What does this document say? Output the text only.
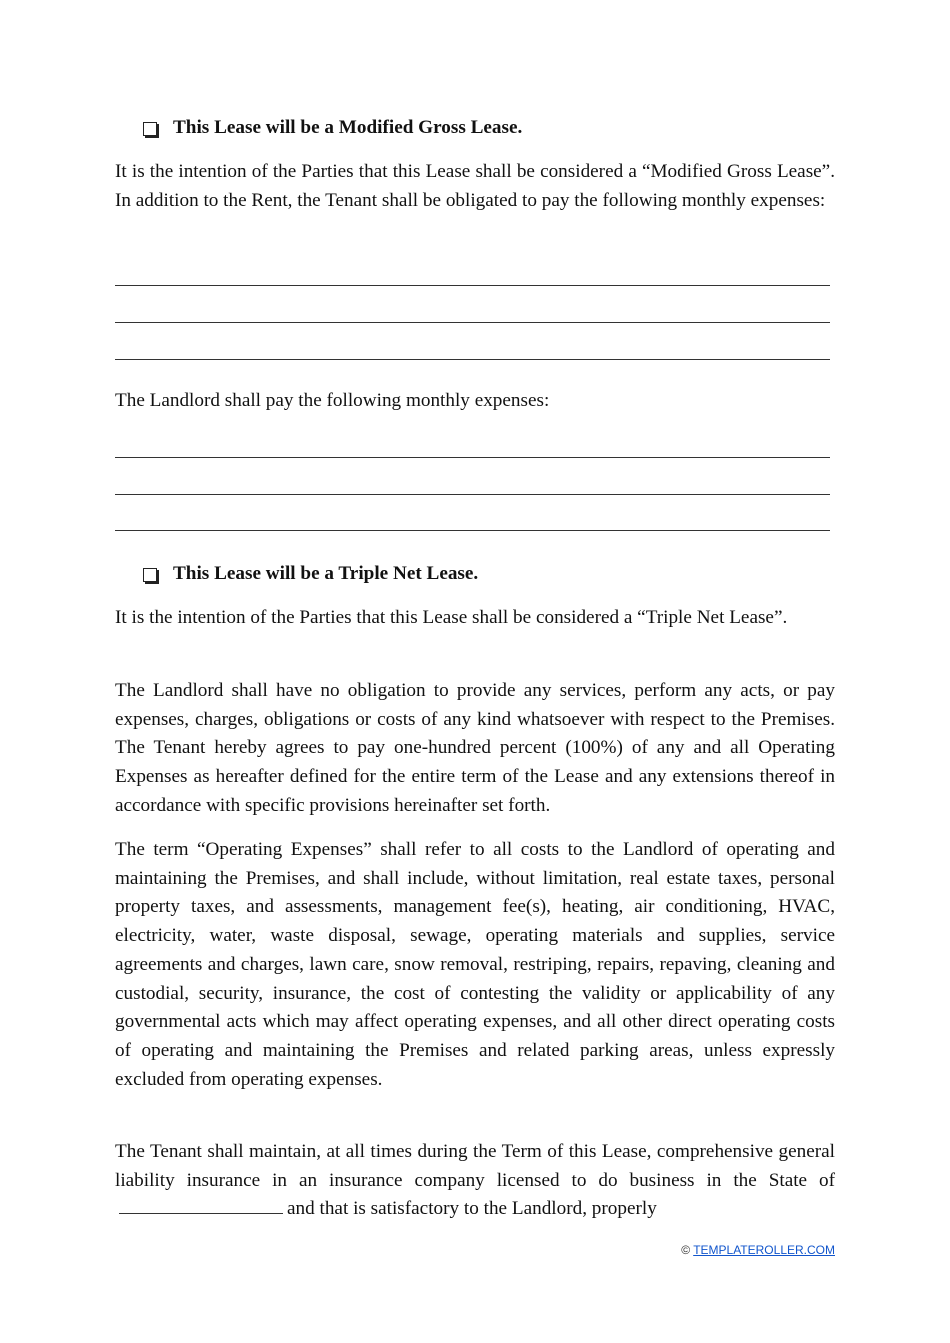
This Lease will be a Modified Gross Lease.

It is the intention of the Parties that this Lease shall be considered a “Modified Gross Lease”. In addition to the Rent, the Tenant shall be obligated to pay the following monthly expenses:

The Landlord shall pay the following monthly expenses:

This Lease will be a Triple Net Lease.

It is the intention of the Parties that this Lease shall be considered a “Triple Net Lease”.

The Landlord shall have no obligation to provide any services, perform any acts, or pay expenses, charges, obligations or costs of any kind whatsoever with respect to the Premises. The Tenant hereby agrees to pay one-hundred percent (100%) of any and all Operating Expenses as hereafter defined for the entire term of the Lease and any extensions thereof in accordance with specific provisions hereinafter set forth.

The term “Operating Expenses” shall refer to all costs to the Landlord of operating and maintaining the Premises, and shall include, without limitation, real estate taxes, personal property taxes, and assessments, management fee(s), heating, air conditioning, HVAC, electricity, water, waste disposal, sewage, operating materials and supplies, service agreements and charges, lawn care, snow removal, restriping, repairs, repaving, cleaning and custodial, security, insurance, the cost of contesting the validity or applicability of any governmental acts which may affect operating expenses, and all other direct operating costs of operating and maintaining the Premises and related parking areas, unless expressly excluded from operating expenses.

The Tenant shall maintain, at all times during the Term of this Lease, comprehensive general liability insurance in an insurance company licensed to do business in the State ofand that is satisfactory to the Landlord, properly

© TEMPLATEROLLER.COM
